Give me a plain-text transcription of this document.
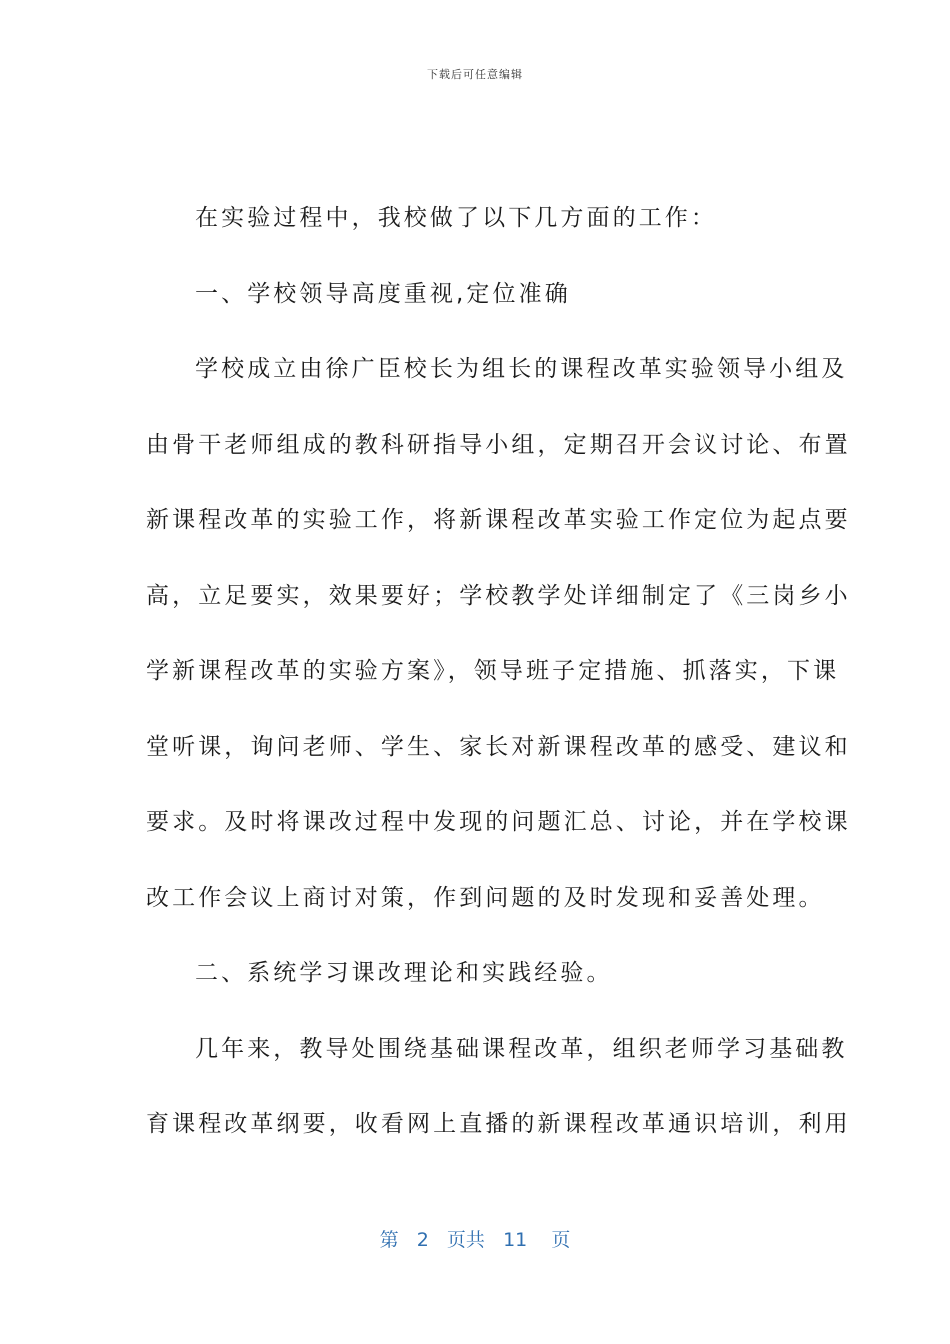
下载后可任意编辑
在实验过程中，我校做了以下几方面的工作：
一、学校领导高度重视,定位准确
学校成立由徐广臣校长为组长的课程改革实验领导小组及
由骨干老师组成的教科研指导小组，定期召开会议讨论、布置
新课程改革的实验工作，将新课程改革实验工作定位为起点要
高，立足要实，效果要好；学校教学处详细制定了《三岗乡小
学新课程改革的实验方案》，领导班子定措施、抓落实，下课
堂听课，询问老师、学生、家长对新课程改革的感受、建议和
要求。及时将课改过程中发现的问题汇总、讨论，并在学校课
改工作会议上商讨对策，作到问题的及时发现和妥善处理。
二、系统学习课改理论和实践经验。
几年来，教导处围绕基础课程改革，组织老师学习基础教
育课程改革纲要，收看网上直播的新课程改革通识培训，利用
第 2 页共 11 页
